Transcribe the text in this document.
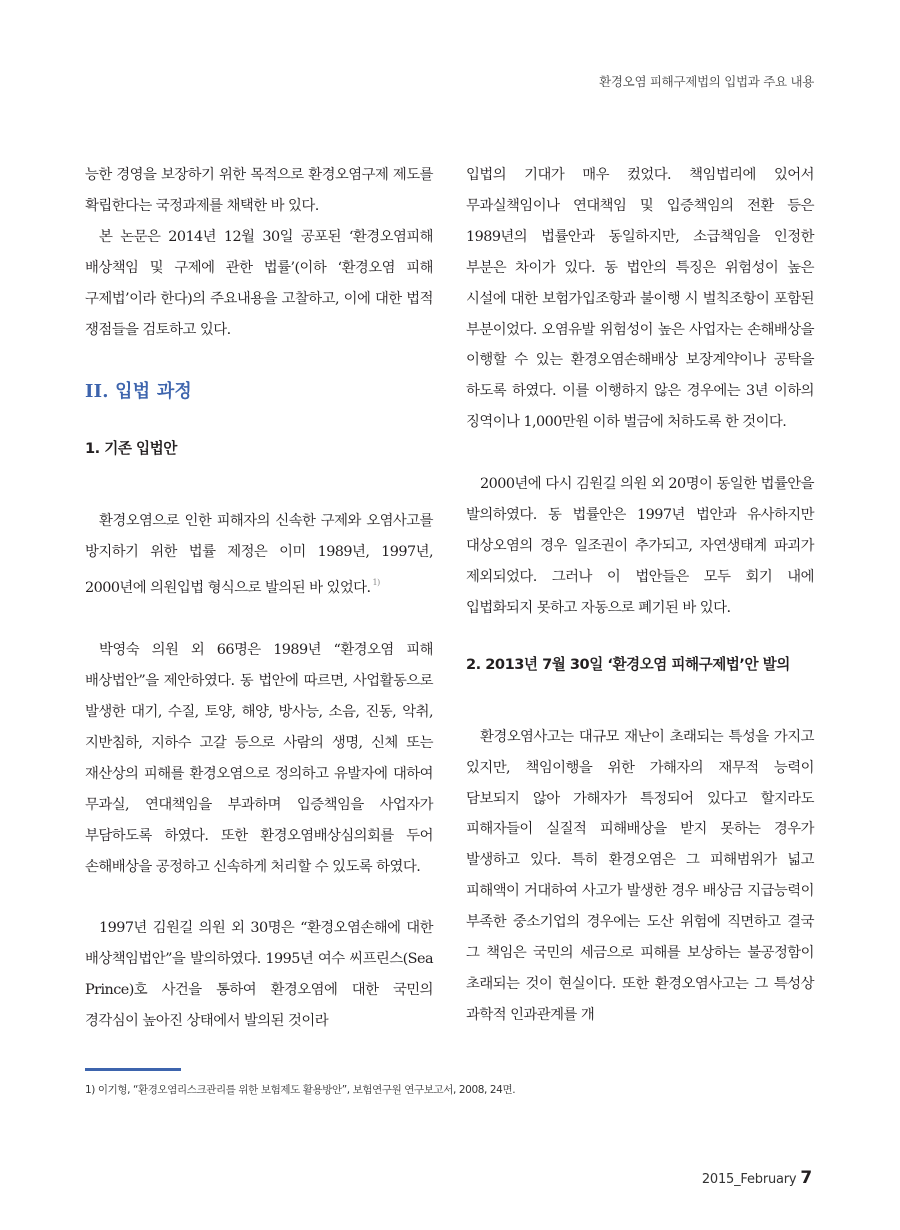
환경오염 피해구제법의 입법과 주요 내용

능한 경영을 보장하기 위한 목적으로 환경오염구제 제도를 확립한다는 국정과제를 채택한 바 있다.

본 논문은 2014년 12월 30일 공포된 ‘환경오염피해 배상책임 및 구제에 관한 법률’(이하 ‘환경오염 피해 구제법’이라 한다)의 주요내용을 고찰하고, 이에 대한 법적 쟁점들을 검토하고 있다.

II. 입법 과정
1. 기존 입법안

환경오염으로 인한 피해자의 신속한 구제와 오염사고를 방지하기 위한 법률 제정은 이미 1989년, 1997년, 2000년에 의원입법 형식으로 발의된 바 있었다. $^{1)}$

박영숙 의원 외 66명은 1989년 “환경오염 피해 배상법안”을 제안하였다. 동 법안에 따르면, 사업활동으로 발생한 대기, 수질, 토양, 해양, 방사능, 소음, 진동, 악취, 지반침하, 지하수 고갈 등으로 사람의 생명, 신체 또는 재산상의 피해를 환경오염으로 정의하고 유발자에 대하여 무과실, 연대책임을 부과하며 입증책임을 사업자가 부담하도록 하였다. 또한 환경오염배상심의회를 두어 손해배상을 공정하고 신속하게 처리할 수 있도록 하였다.

1997년 김원길 의원 외 30명은 “환경오염손해에 대한 배상책임법안”을 발의하였다. 1995년 여수 씨프린스(Sea Prince)호 사건을 통하여 환경오염에 대한 국민의 경각심이 높아진 상태에서 발의된 것이라

입법의 기대가 매우 컸었다. 책임법리에 있어서 무과실책임이나 연대책임 및 입증책임의 전환 등은 1989년의 법률안과 동일하지만, 소급책임을 인정한 부분은 차이가 있다. 동 법안의 특징은 위험성이 높은 시설에 대한 보험가입조항과 불이행 시 벌칙조항이 포함된 부분이었다. 오염유발 위험성이 높은 사업자는 손해배상을 이행할 수 있는 환경오염손해배상 보장계약이나 공탁을 하도록 하였다. 이를 이행하지 않은 경우에는 3년 이하의 징역이나 1,000만원 이하 벌금에 처하도록 한 것이다.

2000년에 다시 김원길 의원 외 20명이 동일한 법률안을 발의하였다. 동 법률안은 1997년 법안과 유사하지만 대상오염의 경우 일조권이 추가되고, 자연생태계 파괴가 제외되었다. 그러나 이 법안들은 모두 회기 내에 입법화되지 못하고 자동으로 폐기된 바 있다.

2. 2013년 7월 30일 ‘환경오염 피해구제법’안 발의

환경오염사고는 대규모 재난이 초래되는 특성을 가지고 있지만, 책임이행을 위한 가해자의 재무적 능력이 담보되지 않아 가해자가 특정되어 있다고 할지라도 피해자들이 실질적 피해배상을 받지 못하는 경우가 발생하고 있다. 특히 환경오염은 그 피해범위가 넓고 피해액이 거대하여 사고가 발생한 경우 배상금 지급능력이 부족한 중소기업의 경우에는 도산 위험에 직면하고 결국 그 책임은 국민의 세금으로 피해를 보상하는 불공정함이 초래되는 것이 현실이다. 또한 환경오염사고는 그 특성상 과학적 인과관계를 개

1) 이기형, “환경오염리스크관리를 위한 보험제도 활용방안”, 보험연구원 연구보고서, 2008, 24면.
2015_February 7
